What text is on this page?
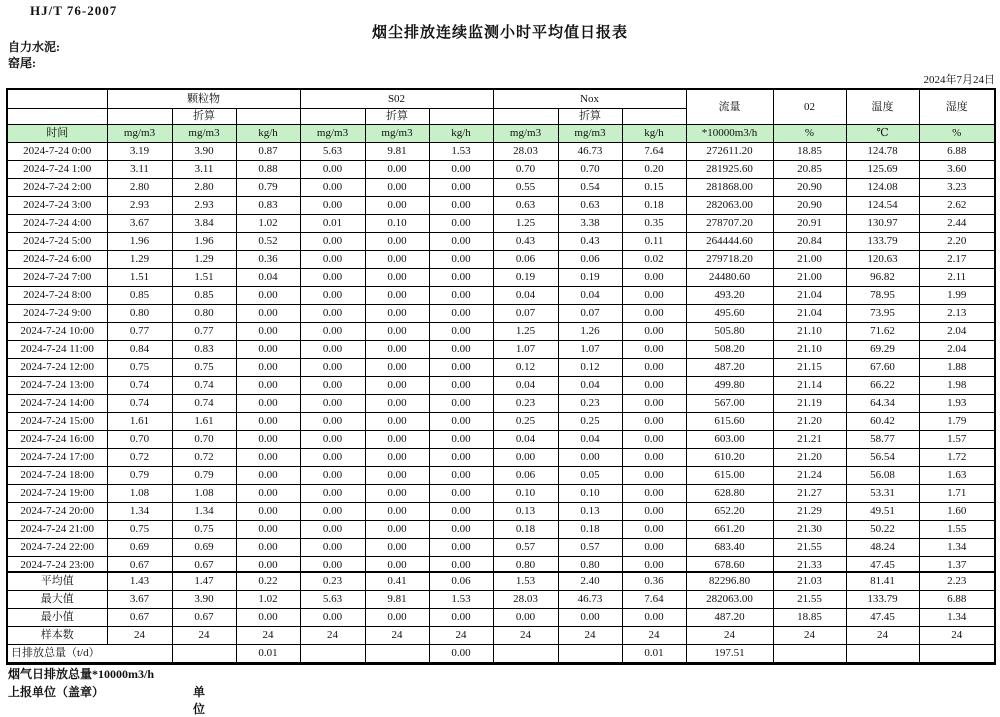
HJ/T 76-2007
烟尘排放连续监测小时平均值日报表
自力水泥:
窑尾:
2024年7月24日
	颗粒物			S02			Nox			流量	02	温度	湿度
		折算			折算			折算					
时间	mg/m3	mg/m3	kg/h	mg/m3	mg/m3	kg/h	mg/m3	mg/m3	kg/h	*10000m3/h	%	℃	%
2024-7-24 0:00	3.19	3.90	0.87	5.63	9.81	1.53	28.03	46.73	7.64	272611.20	18.85	124.78	6.88
2024-7-24 1:00	3.11	3.11	0.88	0.00	0.00	0.00	0.70	0.70	0.20	281925.60	20.85	125.69	3.60
2024-7-24 2:00	2.80	2.80	0.79	0.00	0.00	0.00	0.55	0.54	0.15	281868.00	20.90	124.08	3.23
2024-7-24 3:00	2.93	2.93	0.83	0.00	0.00	0.00	0.63	0.63	0.18	282063.00	20.90	124.54	2.62
2024-7-24 4:00	3.67	3.84	1.02	0.01	0.10	0.00	1.25	3.38	0.35	278707.20	20.91	130.97	2.44
2024-7-24 5:00	1.96	1.96	0.52	0.00	0.00	0.00	0.43	0.43	0.11	264444.60	20.84	133.79	2.20
2024-7-24 6:00	1.29	1.29	0.36	0.00	0.00	0.00	0.06	0.06	0.02	279718.20	21.00	120.63	2.17
2024-7-24 7:00	1.51	1.51	0.04	0.00	0.00	0.00	0.19	0.19	0.00	24480.60	21.00	96.82	2.11
2024-7-24 8:00	0.85	0.85	0.00	0.00	0.00	0.00	0.04	0.04	0.00	493.20	21.04	78.95	1.99
2024-7-24 9:00	0.80	0.80	0.00	0.00	0.00	0.00	0.07	0.07	0.00	495.60	21.04	73.95	2.13
2024-7-24 10:00	0.77	0.77	0.00	0.00	0.00	0.00	1.25	1.26	0.00	505.80	21.10	71.62	2.04
2024-7-24 11:00	0.84	0.83	0.00	0.00	0.00	0.00	1.07	1.07	0.00	508.20	21.10	69.29	2.04
2024-7-24 12:00	0.75	0.75	0.00	0.00	0.00	0.00	0.12	0.12	0.00	487.20	21.15	67.60	1.88
2024-7-24 13:00	0.74	0.74	0.00	0.00	0.00	0.00	0.04	0.04	0.00	499.80	21.14	66.22	1.98
2024-7-24 14:00	0.74	0.74	0.00	0.00	0.00	0.00	0.23	0.23	0.00	567.00	21.19	64.34	1.93
2024-7-24 15:00	1.61	1.61	0.00	0.00	0.00	0.00	0.25	0.25	0.00	615.60	21.20	60.42	1.79
2024-7-24 16:00	0.70	0.70	0.00	0.00	0.00	0.00	0.04	0.04	0.00	603.00	21.21	58.77	1.57
2024-7-24 17:00	0.72	0.72	0.00	0.00	0.00	0.00	0.00	0.00	0.00	610.20	21.20	56.54	1.72
2024-7-24 18:00	0.79	0.79	0.00	0.00	0.00	0.00	0.06	0.05	0.00	615.00	21.24	56.08	1.63
2024-7-24 19:00	1.08	1.08	0.00	0.00	0.00	0.00	0.10	0.10	0.00	628.80	21.27	53.31	1.71
2024-7-24 20:00	1.34	1.34	0.00	0.00	0.00	0.00	0.13	0.13	0.00	652.20	21.29	49.51	1.60
2024-7-24 21:00	0.75	0.75	0.00	0.00	0.00	0.00	0.18	0.18	0.00	661.20	21.30	50.22	1.55
2024-7-24 22:00	0.69	0.69	0.00	0.00	0.00	0.00	0.57	0.57	0.00	683.40	21.55	48.24	1.34
2024-7-24 23:00	0.67	0.67	0.00	0.00	0.00	0.00	0.80	0.80	0.00	678.60	21.33	47.45	1.37

平均值	1.43	1.47	0.22	0.23	0.41	0.06	1.53	2.40	0.36	82296.80	21.03	81.41	2.23
最大值	3.67	3.90	1.02	5.63	9.81	1.53	28.03	46.73	7.64	282063.00	21.55	133.79	6.88
最小值	0.67	0.67	0.00	0.00	0.00	0.00	0.00	0.00	0.00	487.20	18.85	47.45	1.34
样本数	24	24	24	24	24	24	24	24	24	24	24	24	24
日排放总量（t/d）			0.01			0.00			0.01	197.51			
烟气日排放总量*10000m3/h
上报单位（盖章）	单位
